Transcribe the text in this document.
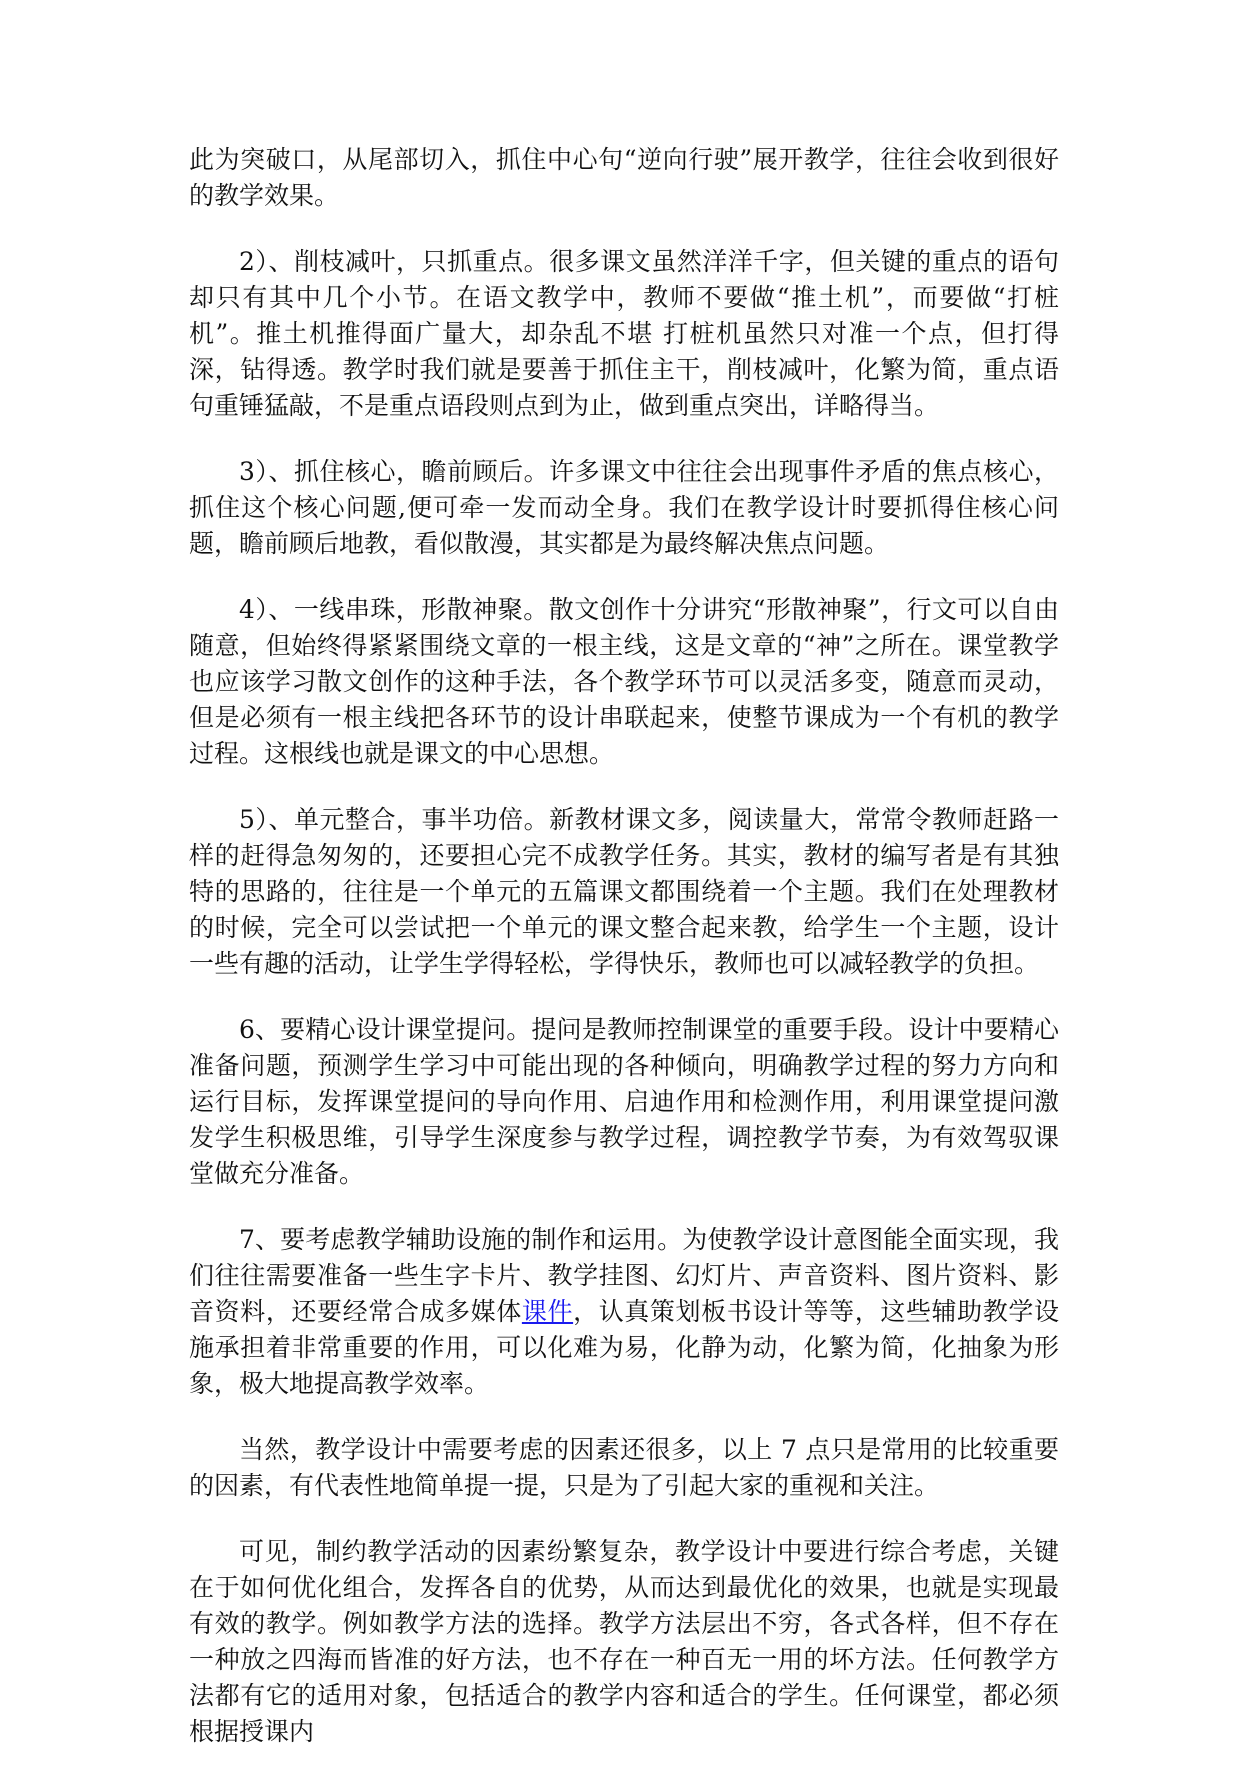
此为突破口，从尾部切入，抓住中心句“逆向行驶”展开教学，往往会收到很好的教学效果。

2）、削枝减叶，只抓重点。很多课文虽然洋洋千字，但关键的重点的语句却只有其中几个小节。在语文教学中，教师不要做“推土机”，而要做“打桩机”。推土机推得面广量大，却杂乱不堪 打桩机虽然只对准一个点，但打得深，钻得透。教学时我们就是要善于抓住主干，削枝减叶，化繁为简，重点语句重锤猛敲，不是重点语段则点到为止，做到重点突出，详略得当。

3）、抓住核心，瞻前顾后。许多课文中往往会出现事件矛盾的焦点核心，抓住这个核心问题,便可牵一发而动全身。我们在教学设计时要抓得住核心问题，瞻前顾后地教，看似散漫，其实都是为最终解决焦点问题。

4）、一线串珠，形散神聚。散文创作十分讲究“形散神聚”，行文可以自由随意，但始终得紧紧围绕文章的一根主线，这是文章的“神”之所在。课堂教学也应该学习散文创作的这种手法，各个教学环节可以灵活多变，随意而灵动，但是必须有一根主线把各环节的设计串联起来，使整节课成为一个有机的教学过程。这根线也就是课文的中心思想。

5）、单元整合，事半功倍。新教材课文多，阅读量大，常常令教师赶路一样的赶得急匆匆的，还要担心完不成教学任务。其实，教材的编写者是有其独特的思路的，往往是一个单元的五篇课文都围绕着一个主题。我们在处理教材的时候，完全可以尝试把一个单元的课文整合起来教，给学生一个主题，设计一些有趣的活动，让学生学得轻松，学得快乐，教师也可以减轻教学的负担。

6、要精心设计课堂提问。提问是教师控制课堂的重要手段。设计中要精心准备问题，预测学生学习中可能出现的各种倾向，明确教学过程的努力方向和运行目标，发挥课堂提问的导向作用、启迪作用和检测作用，利用课堂提问激发学生积极思维，引导学生深度参与教学过程，调控教学节奏，为有效驾驭课堂做充分准备。

7、要考虑教学辅助设施的制作和运用。为使教学设计意图能全面实现，我们往往需要准备一些生字卡片、教学挂图、幻灯片、声音资料、图片资料、影音资料，还要经常合成多媒体课件，认真策划板书设计等等，这些辅助教学设施承担着非常重要的作用，可以化难为易，化静为动，化繁为简，化抽象为形象，极大地提高教学效率。

当然，教学设计中需要考虑的因素还很多，以上 7 点只是常用的比较重要的因素，有代表性地简单提一提，只是为了引起大家的重视和关注。

可见，制约教学活动的因素纷繁复杂，教学设计中要进行综合考虑，关键在于如何优化组合，发挥各自的优势，从而达到最优化的效果，也就是实现最有效的教学。例如教学方法的选择。教学方法层出不穷，各式各样，但不存在一种放之四海而皆准的好方法，也不存在一种百无一用的坏方法。任何教学方法都有它的适用对象，包括适合的教学内容和适合的学生。任何课堂，都必须根据授课内
